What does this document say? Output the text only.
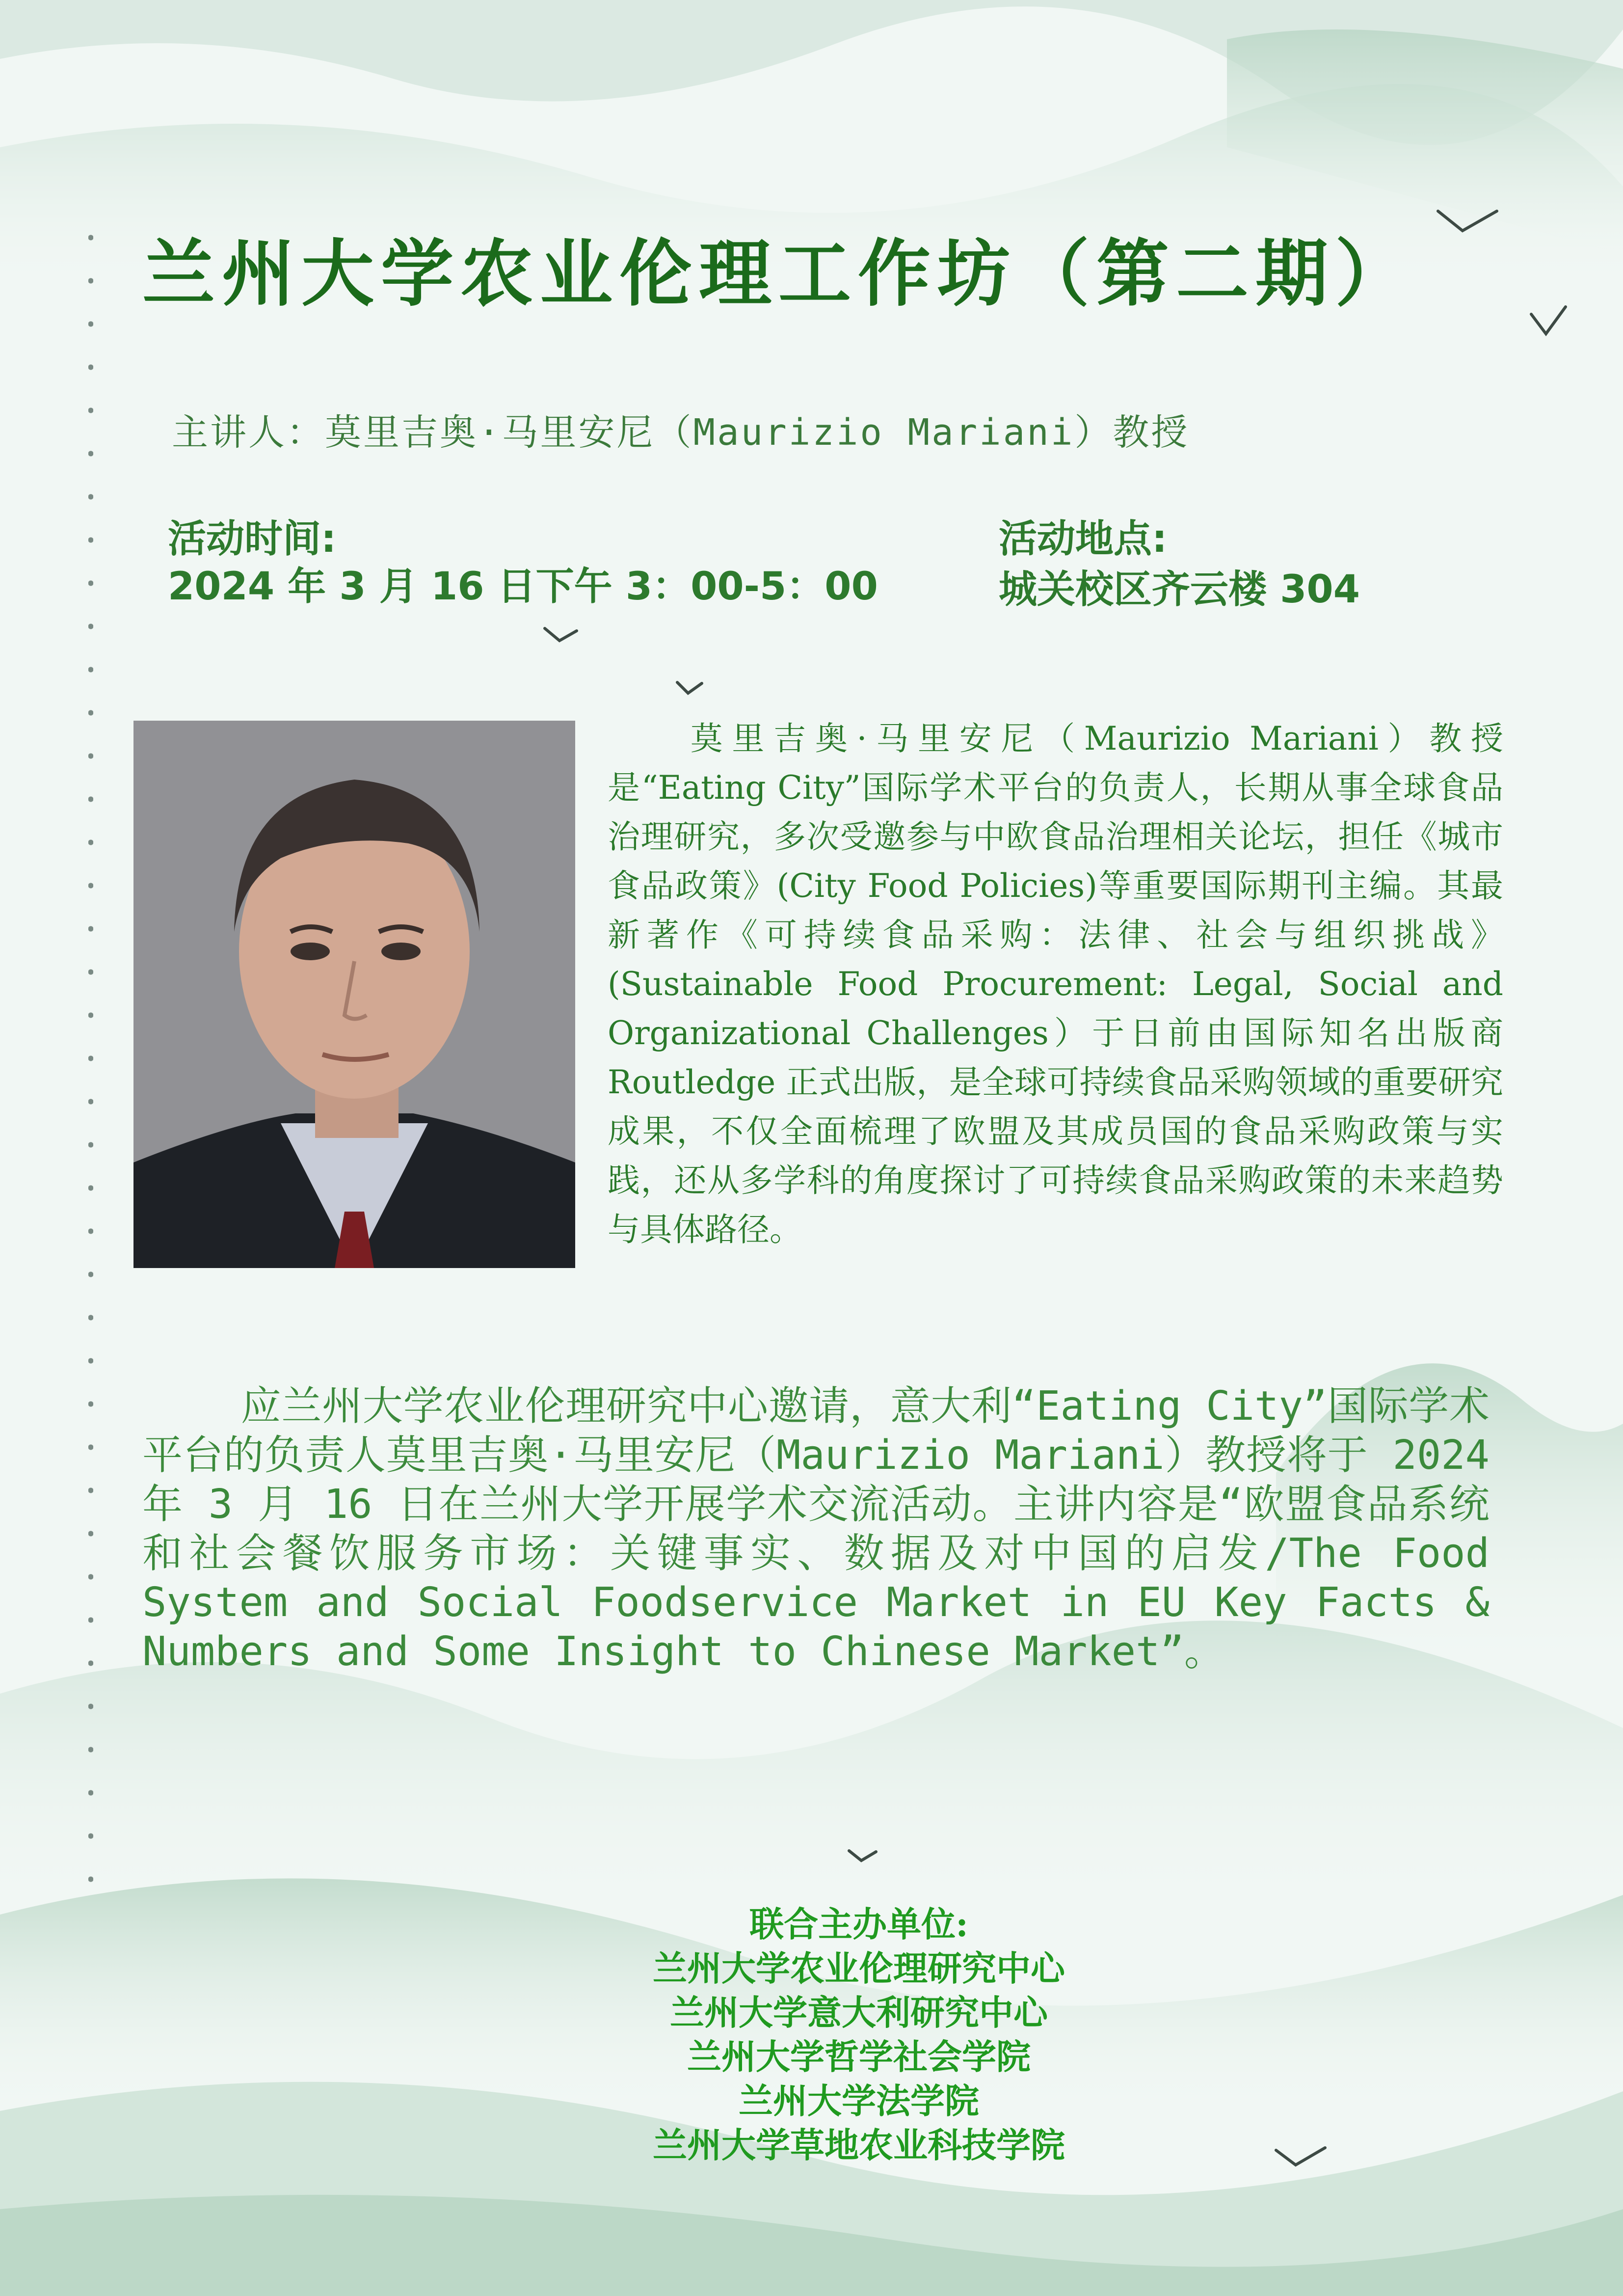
兰州大学农业伦理工作坊（第二期）
主讲人：莫里吉奥·马里安尼（Maurizio Mariani）教授
活动时间:
2024 年 3 月 16 日下午 3：00-5：00
活动地点:
城关校区齐云楼 304
莫里吉奥·马里安尼（Maurizio Mariani）教授是“Eating City”国际学术平台的负责人，长期从事全球食品治理研究，多次受邀参与中欧食品治理相关论坛，担任《城市食品政策》(City Food Policies)等重要国际期刊主编。其最新著作《可持续食品采购：法律、社会与组织挑战》(Sustainable Food Procurement: Legal, Social and Organizational Challenges）于日前由国际知名出版商 Routledge 正式出版，是全球可持续食品采购领域的重要研究成果，不仅全面梳理了欧盟及其成员国的食品采购政策与实践，还从多学科的角度探讨了可持续食品采购政策的未来趋势与具体路径。
应兰州大学农业伦理研究中心邀请，意大利“Eating City”国际学术平台的负责人莫里吉奥·马里安尼（Maurizio Mariani）教授将于 2024 年 3 月 16 日在兰州大学开展学术交流活动。主讲内容是“欧盟食品系统和社会餐饮服务市场：关键事实、数据及对中国的启发/The Food System and Social Foodservice Market in EU Key Facts & Numbers and Some Insight to Chinese Market”。
联合主办单位:
兰州大学农业伦理研究中心
兰州大学意大利研究中心
兰州大学哲学社会学院
兰州大学法学院
兰州大学草地农业科技学院
